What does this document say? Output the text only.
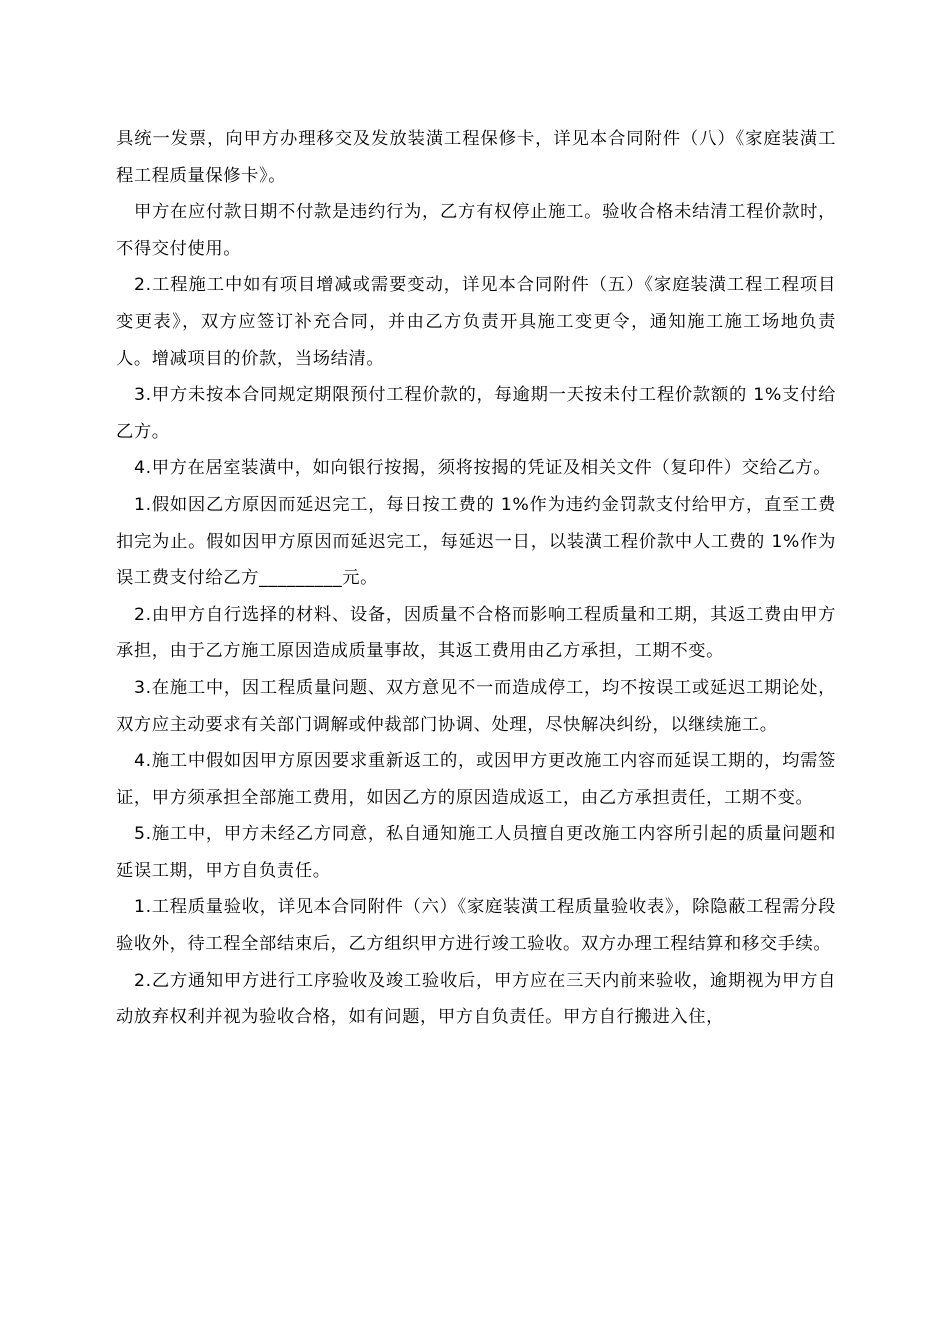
具统一发票，向甲方办理移交及发放装潢工程保修卡，详见本合同附件（八）《家庭装潢工程工程质量保修卡》。

甲方在应付款日期不付款是违约行为，乙方有权停止施工。验收合格未结清工程价款时，不得交付使用。

2.工程施工中如有项目增减或需要变动，详见本合同附件（五）《家庭装潢工程工程项目变更表》，双方应签订补充合同，并由乙方负责开具施工变更令，通知施工施工场地负责人。增减项目的价款，当场结清。

3.甲方未按本合同规定期限预付工程价款的，每逾期一天按未付工程价款额的 1%支付给乙方。

4.甲方在居室装潢中，如向银行按揭，须将按揭的凭证及相关文件（复印件）交给乙方。

1.假如因乙方原因而延迟完工，每日按工费的 1%作为违约金罚款支付给甲方，直至工费扣完为止。假如因甲方原因而延迟完工，每延迟一日，以装潢工程价款中人工费的 1%作为误工费支付给乙方_________元。

2.由甲方自行选择的材料、设备，因质量不合格而影响工程质量和工期，其返工费由甲方承担，由于乙方施工原因造成质量事故，其返工费用由乙方承担，工期不变。

3.在施工中，因工程质量问题、双方意见不一而造成停工，均不按误工或延迟工期论处，双方应主动要求有关部门调解或仲裁部门协调、处理，尽快解决纠纷，以继续施工。

4.施工中假如因甲方原因要求重新返工的，或因甲方更改施工内容而延误工期的，均需签证，甲方须承担全部施工费用，如因乙方的原因造成返工，由乙方承担责任，工期不变。

5.施工中，甲方未经乙方同意，私自通知施工人员擅自更改施工内容所引起的质量问题和延误工期，甲方自负责任。

1.工程质量验收，详见本合同附件（六）《家庭装潢工程质量验收表》，除隐蔽工程需分段验收外，待工程全部结束后，乙方组织甲方进行竣工验收。双方办理工程结算和移交手续。

2.乙方通知甲方进行工序验收及竣工验收后，甲方应在三天内前来验收，逾期视为甲方自动放弃权利并视为验收合格，如有问题，甲方自负责任。甲方自行搬进入住，
